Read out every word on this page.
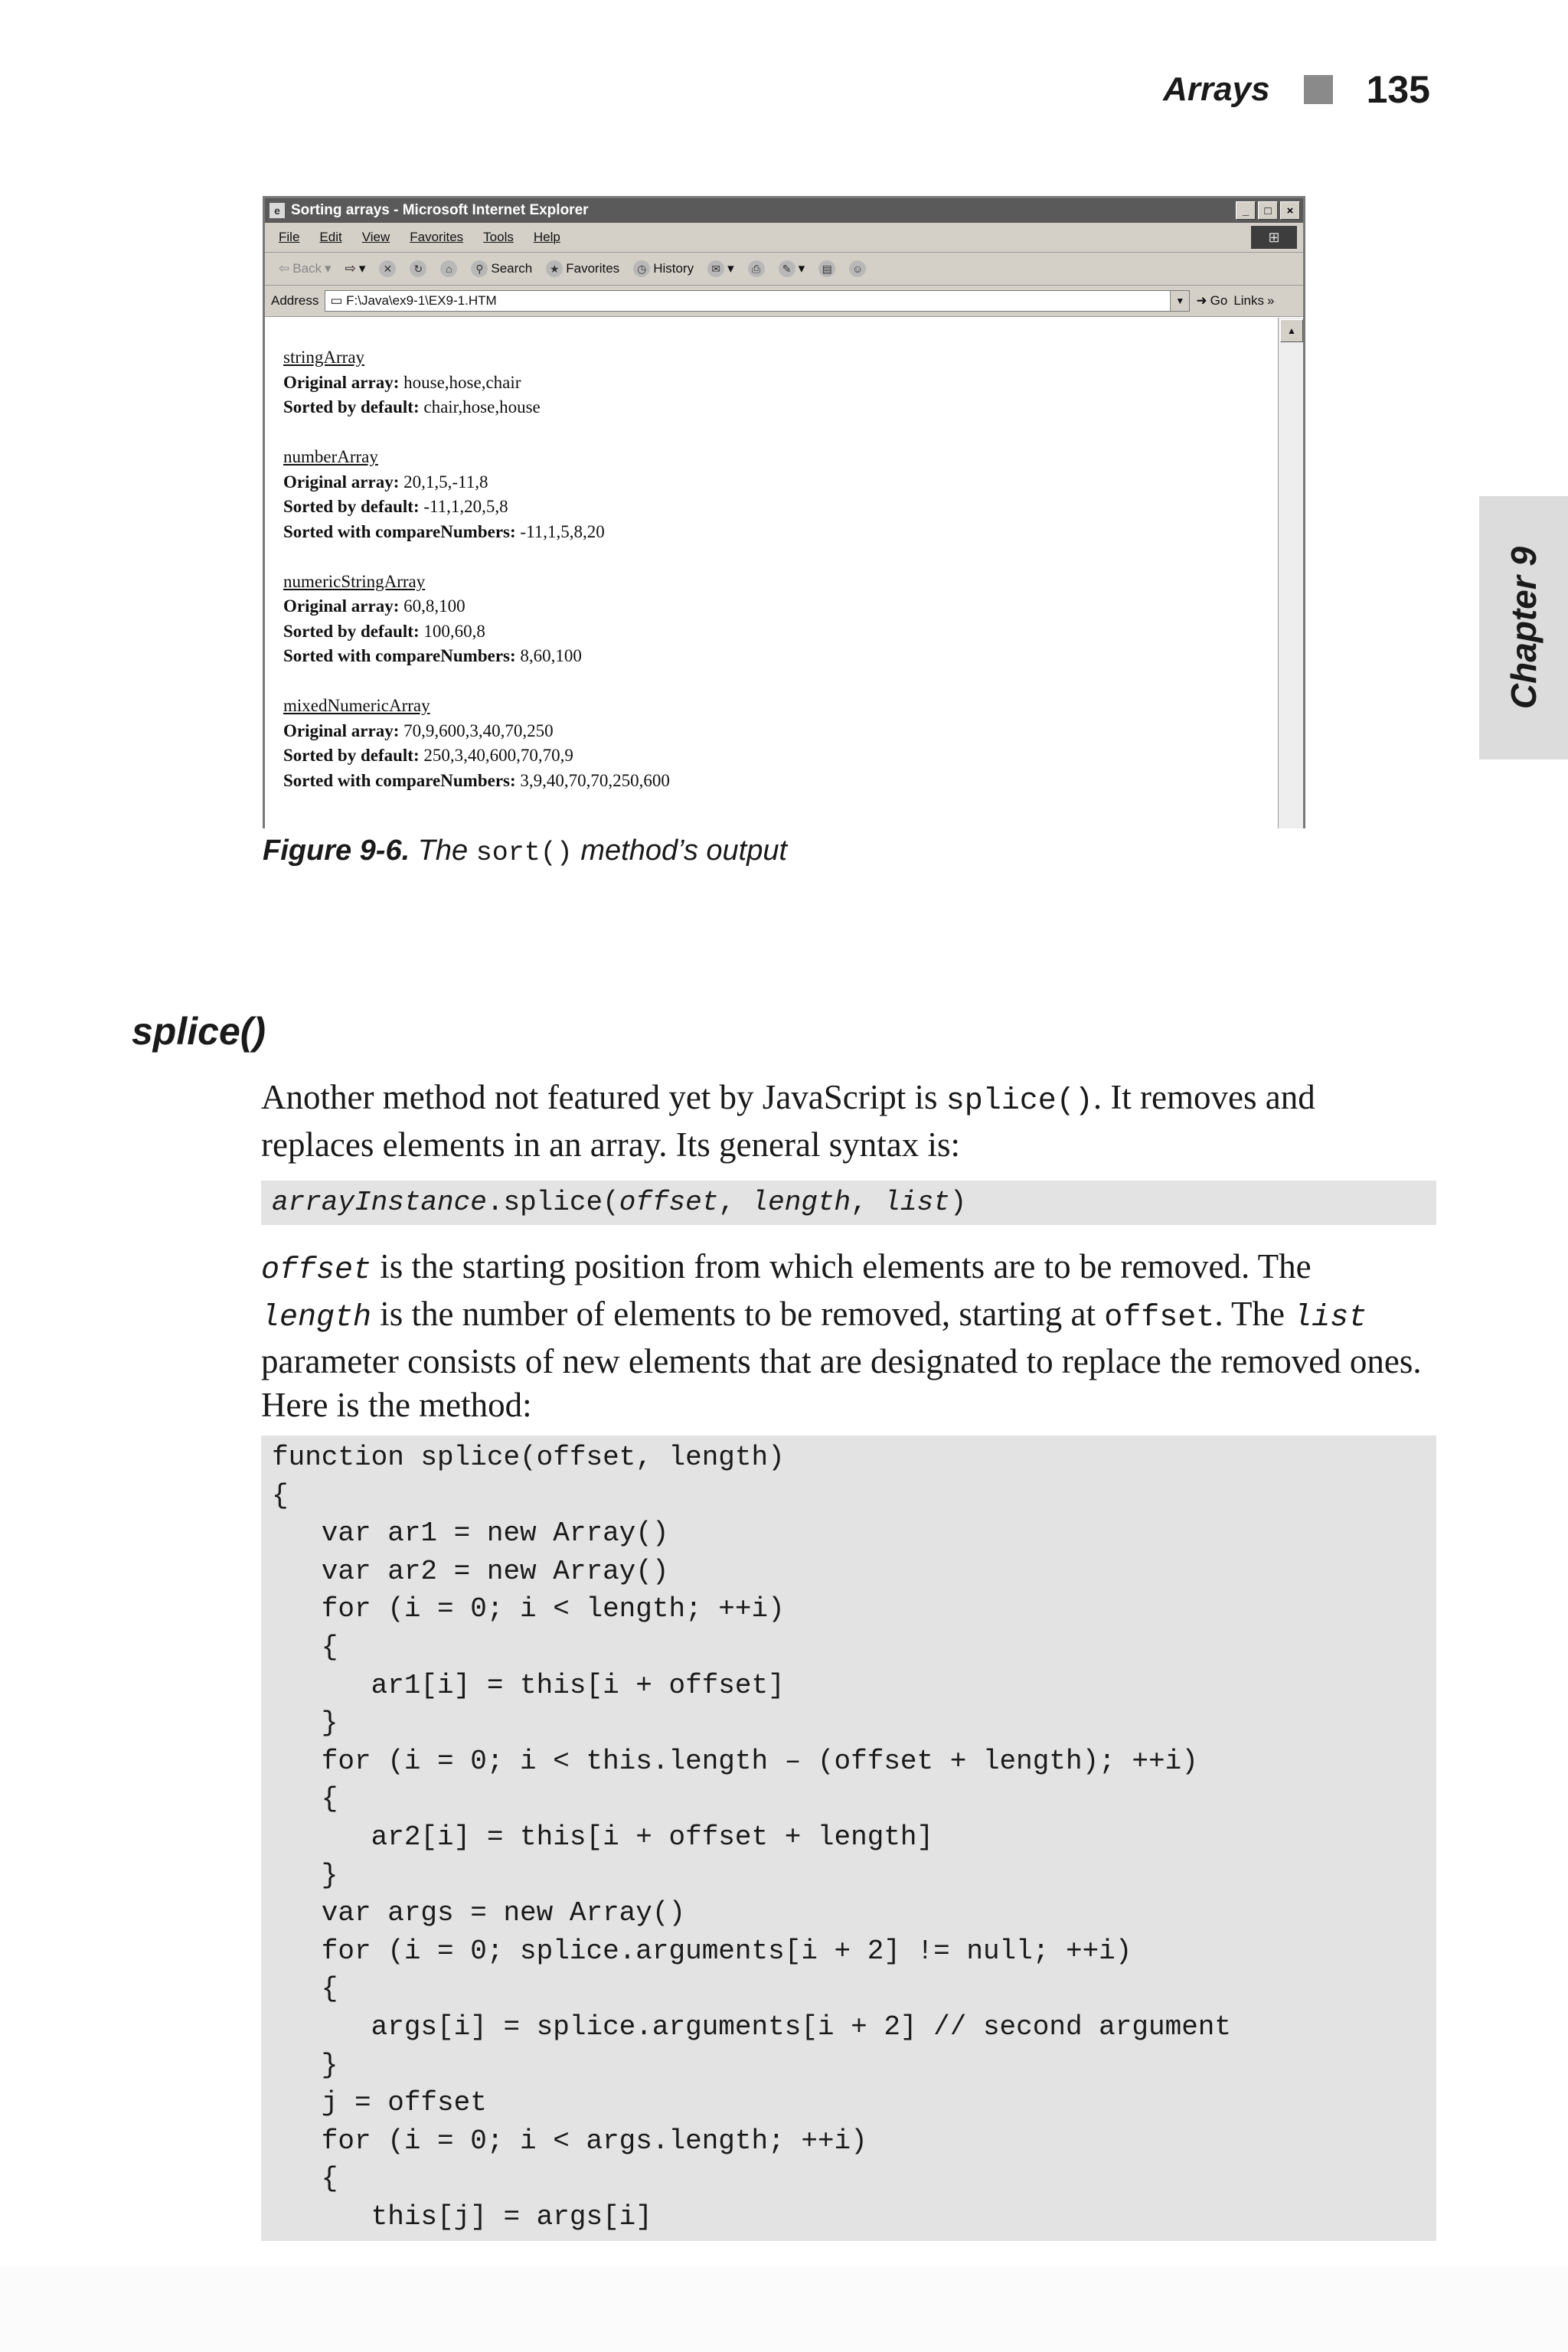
Arrays	135
Chapter 9
e Sorting arrays - Microsoft Internet Explorer	_	□	×
File Edit View Favorites Tools Help	⊞
⇦ Back ▾ ⇨ ▾	✕	↻	⌂	⚲ Search	★ Favorites	◷ History	✉ ▾	⎙	✎ ▾	▤	☺
Address ▭ F:\Java\ex9-1\EX9-1.HTM	▼ ➜ Go Links »
stringArray
Original array: house,hose,chair
Sorted by default: chair,hose,house
numberArray
Original array: 20,1,5,-11,8
Sorted by default: -11,1,20,5,8
Sorted with compareNumbers: -11,1,5,8,20
numericStringArray
Original array: 60,8,100
Sorted by default: 100,60,8
Sorted with compareNumbers: 8,60,100
mixedNumericArray
Original array: 70,9,600,3,40,70,250
Sorted by default: 250,3,40,600,70,70,9
Sorted with compareNumbers: 3,9,40,70,70,250,600
▲
Figure 9-6. The sort() method’s output
splice()
Another method not featured yet by JavaScript is splice(). It removes and replaces elements in an array. Its general syntax is:
arrayInstance.splice(offset, length, list)
offset is the starting position from which elements are to be removed. The length is the number of elements to be removed, starting at offset. The list parameter consists of new elements that are designated to replace the removed ones. Here is the method:
function splice(offset, length)
{
var ar1 = new Array()
var ar2 = new Array()
for (i = 0; i < length; ++i)
{
ar1[i] = this[i + offset]
}
for (i = 0; i < this.length – (offset + length); ++i)
{
ar2[i] = this[i + offset + length]
}
var args = new Array()
for (i = 0; splice.arguments[i + 2] != null; ++i)
{
args[i] = splice.arguments[i + 2] // second argument
}
j = offset
for (i = 0; i < args.length; ++i)
{
this[j] = args[i]
